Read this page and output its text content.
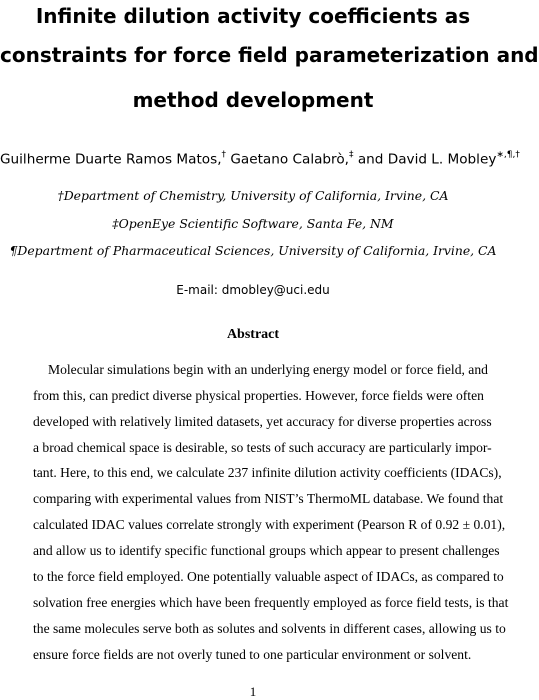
Infinite dilution activity coefficients as
constraints for force field parameterization and
method development
Guilherme Duarte Ramos Matos,† Gaetano Calabrò,‡ and David L. Mobley∗,¶,†
†Department of Chemistry, University of California, Irvine, CA
‡OpenEye Scientific Software, Santa Fe, NM
¶Department of Pharmaceutical Sciences, University of California, Irvine, CA
E-mail: dmobley@uci.edu
Abstract
Molecular simulations begin with an underlying energy model or force field, and
from this, can predict diverse physical properties. However, force fields were often
developed with relatively limited datasets, yet accuracy for diverse properties across
a broad chemical space is desirable, so tests of such accuracy are particularly impor-
tant. Here, to this end, we calculate 237 infinite dilution activity coefficients (IDACs),
comparing with experimental values from NIST’s ThermoML database. We found that
calculated IDAC values correlate strongly with experiment (Pearson R of 0.92 ± 0.01),
and allow us to identify specific functional groups which appear to present challenges
to the force field employed. One potentially valuable aspect of IDACs, as compared to
solvation free energies which have been frequently employed as force field tests, is that
the same molecules serve both as solutes and solvents in different cases, allowing us to
ensure force fields are not overly tuned to one particular environment or solvent.
1
